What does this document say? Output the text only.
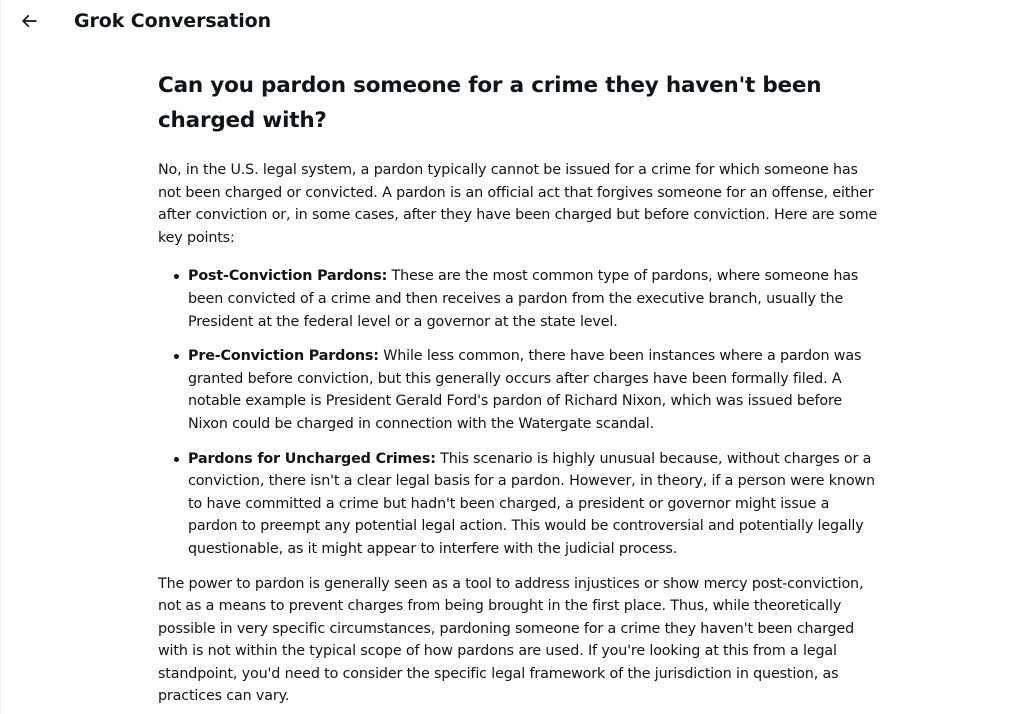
Grok Conversation
Can you pardon someone for a crime they haven't been charged with?

No, in the U.S. legal system, a pardon typically cannot be issued for a crime for which someone has not been charged or convicted. A pardon is an official act that forgives someone for an offense, either after conviction or, in some cases, after they have been charged but before conviction. Here are some key points:

Post-Conviction Pardons: These are the most common type of pardons, where someone has been convicted of a crime and then receives a pardon from the executive branch, usually the President at the federal level or a governor at the state level.
Pre-Conviction Pardons: While less common, there have been instances where a pardon was granted before conviction, but this generally occurs after charges have been formally filed. A notable example is President Gerald Ford's pardon of Richard Nixon, which was issued before Nixon could be charged in connection with the Watergate scandal.
Pardons for Uncharged Crimes: This scenario is highly unusual because, without charges or a conviction, there isn't a clear legal basis for a pardon. However, in theory, if a person were known to have committed a crime but hadn't been charged, a president or governor might issue a pardon to preempt any potential legal action. This would be controversial and potentially legally questionable, as it might appear to interfere with the judicial process.

The power to pardon is generally seen as a tool to address injustices or show mercy post-conviction, not as a means to prevent charges from being brought in the first place. Thus, while theoretically possible in very specific circumstances, pardoning someone for a crime they haven't been charged with is not within the typical scope of how pardons are used. If you're looking at this from a legal standpoint, you'd need to consider the specific legal framework of the jurisdiction in question, as practices can vary.
